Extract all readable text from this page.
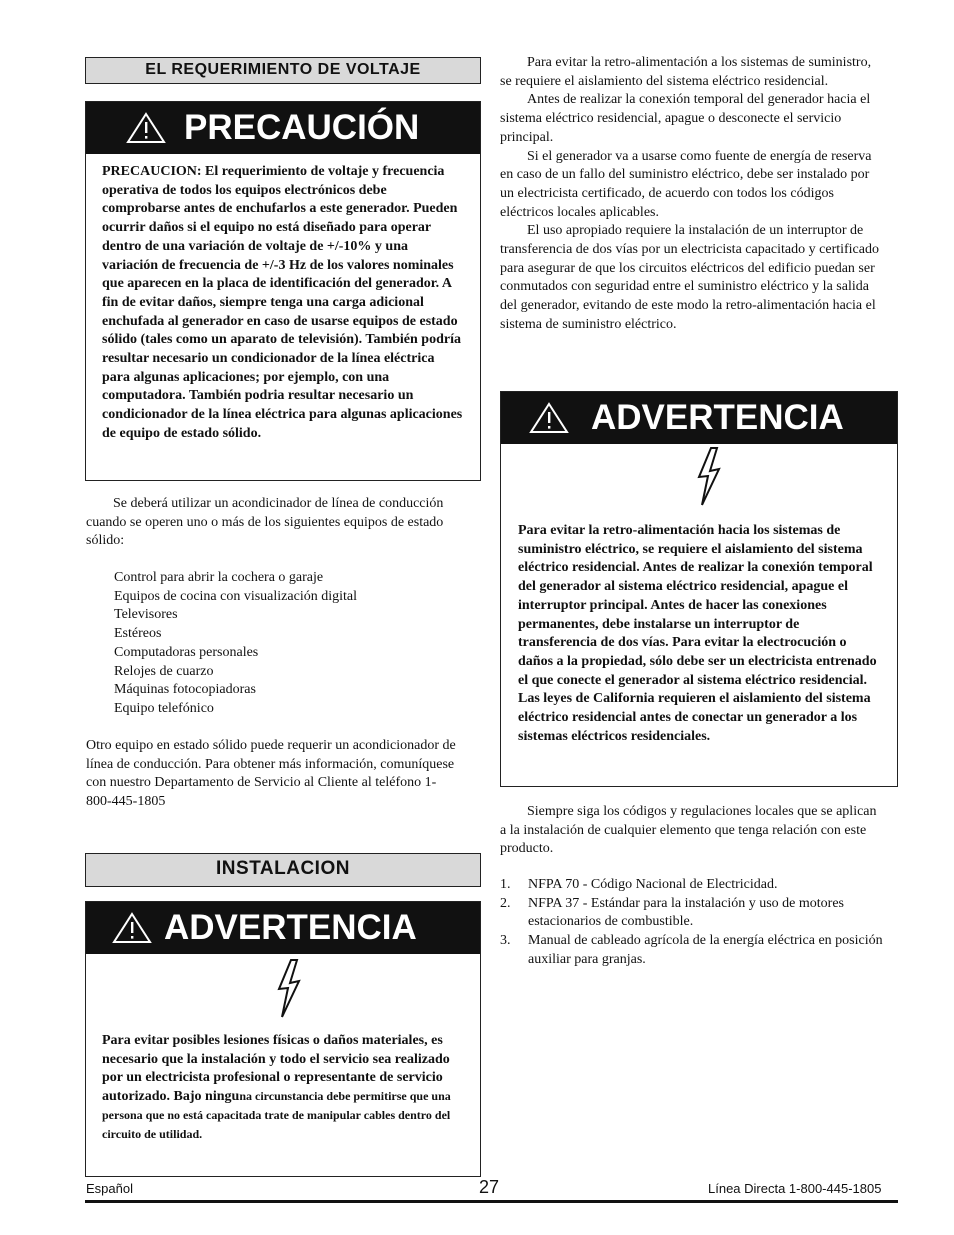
EL REQUERIMIENTO DE VOLTAJE
PRECAUCIÓN
PRECAUCION: El requerimiento de voltaje y frecuencia operativa de todos los equipos electrónicos debe comprobarse antes de enchufarlos a este generador. Pueden ocurrir daños si el equipo no está diseñado para operar dentro de una variación de voltaje de +/-10% y una variación de frecuencia de +/-3 Hz de los valores nominales que aparecen en la placa de identificación del generador. A fin de evitar daños, siempre tenga una carga adicional enchufada al generador en caso de usarse equipos de estado sólido (tales como un aparato de televisión). También podría resultar necesario un condicionador de la línea eléctrica para algunas aplicaciones; por ejemplo, con una computadora. También podria resultar necesario un condicionador de la línea eléctrica para algunas aplicaciones de equipo de estado sólido.

Se deberá utilizar un acondicinador de línea de conducción cuando se operen uno o más de los siguientes equipos de estado sólido:

Control para abrir la cochera o garaje
Equipos de cocina con visualización digital
Televisores
Estéreos
Computadoras personales
Relojes de cuarzo
Máquinas fotocopiadoras
Equipo telefónico
Otro equipo en estado sólido puede requerir un acondicionador de línea de conducción. Para obtener más información, comuníquese con nuestro Departamento de Servicio al Cliente al teléfono 1-800-445-1805
INSTALACION
ADVERTENCIA
Para evitar posibles lesiones físicas o daños materiales, es necesario que la instalación y todo el servicio sea realizado por un electricista profesional o representante de servicio autorizado. Bajo ninguna circunstancia debe permitirse que una persona que no está capacitada trate de manipular cables dentro del circuito de utilidad.

Para evitar la retro-alimentación a los sistemas de suministro, se requiere el aislamiento del sistema eléctrico residencial.

Antes de realizar la conexión temporal del generador hacia el sistema eléctrico residencial, apague o desconecte el servicio principal.

Si el generador va a usarse como fuente de energía de reserva en caso de un fallo del suministro eléctrico, debe ser instalado por un electricista certificado, de acuerdo con todos los códigos eléctricos locales aplicables.

El uso apropiado requiere la instalación de un interruptor de transferencia de dos vías por un electricista capacitado y certificado para asegurar de que los circuitos eléctricos del edificio puedan ser conmutados con seguridad entre el suministro eléctrico y la salida del generador, evitando de este modo la retro-alimentación hacia el sistema de suministro eléctrico.

ADVERTENCIA
Para evitar la retro-alimentación hacia los sistemas de suministro eléctrico, se requiere el aislamiento del sistema eléctrico residencial. Antes de realizar la conexión temporal del generador al sistema eléctrico residencial, apague el interruptor principal. Antes de hacer las conexiones permanentes, debe instalarse un interruptor de transferencia de dos vías. Para evitar la electrocución o daños a la propiedad, sólo debe ser un electricista entrenado el que conecte el generador al sistema eléctrico residencial. Las leyes de California requieren el aislamiento del sistema eléctrico residencial antes de conectar un generador a los sistemas eléctricos residenciales.

Siempre siga los códigos y regulaciones locales que se aplican a la instalación de cualquier elemento que tenga relación con este producto.

1. NFPA 70 - Código Nacional de Electricidad.
2. NFPA 37 - Estándar para la instalación y uso de motores estacionarios de combustible.
3. Manual de cableado agrícola de la energía eléctrica en posición auxiliar para granjas.
Español	27	Línea Directa 1-800-445-1805
